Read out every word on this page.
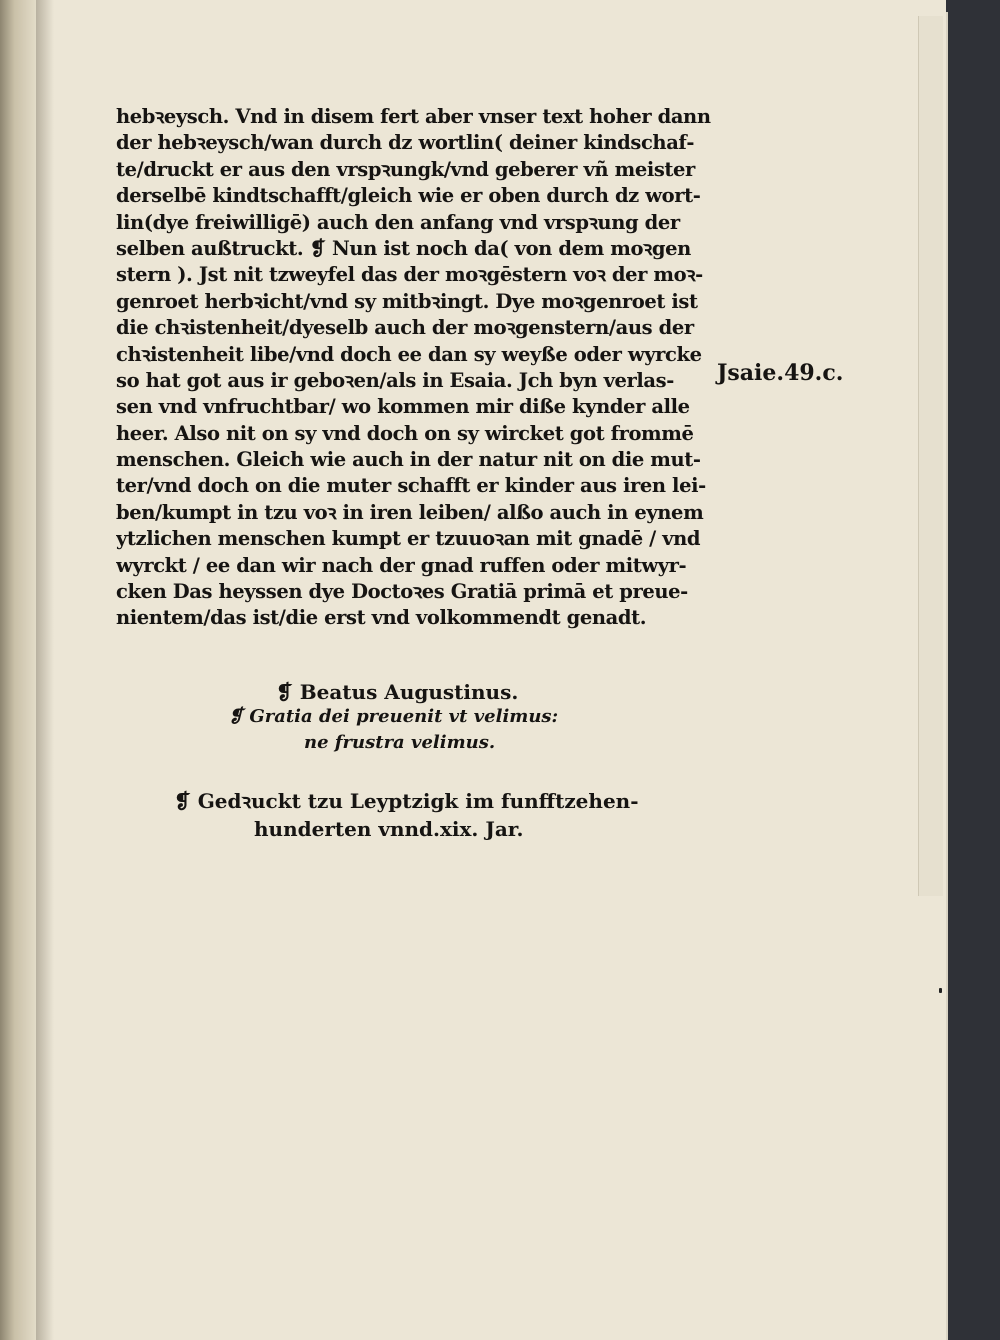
hebꝛeysch. Vnd in disem fert aber vnser text hoher dann
der hebꝛeysch/wan durch dz wortlin( deiner kindschaf‑
te/druckt er aus den vrspꝛungk/vnd geberer vñ meister
derselbē kindtschafft/gleich wie er oben durch dz wort‑
lin(dye freiwilligē) auch den anfang vnd vrspꝛung der
selben außtruckt. ❡ Nun ist noch da( von dem moꝛgen
stern ). Jst nit tzweyfel das der moꝛgēstern voꝛ der moꝛ‑
genroet herbꝛicht/vnd sy mitbꝛingt. Dye moꝛgenroet ist
die chꝛistenheit/dyeselb auch der moꝛgenstern/aus der
chꝛistenheit libe/vnd doch ee dan sy weyße oder wyrcke
so hat got aus ir geboꝛen/als in Esaia. Jch byn verlas‑
sen vnd vnfruchtbar/ wo kommen mir diße kynder alle
heer. Also nit on sy vnd doch on sy wircket got frommē
menschen. Gleich wie auch in der natur nit on die mut‑
ter/vnd doch on die muter schafft er kinder aus iren lei‑
ben/kumpt in tzu voꝛ in iren leiben/ alßo auch in eynem
ytzlichen menschen kumpt er tzuuoꝛan mit gnadē / vnd
wyrckt / ee dan wir nach der gnad ruffen oder mitwyr‑
cken Das heyssen dye Doctoꝛes Gratiā primā et preue‑
nientem/das ist/die erst vnd volkommendt genadt.
Jsaie.49.c.
❡ Beatus Augustinus.
❡ Gratia dei preuenit vt velimus:
ne frustra velimus.
❡ Gedꝛuckt tzu Leyptzigk im funfftzehen‑
hunderten vnnd.xix. Jar.
